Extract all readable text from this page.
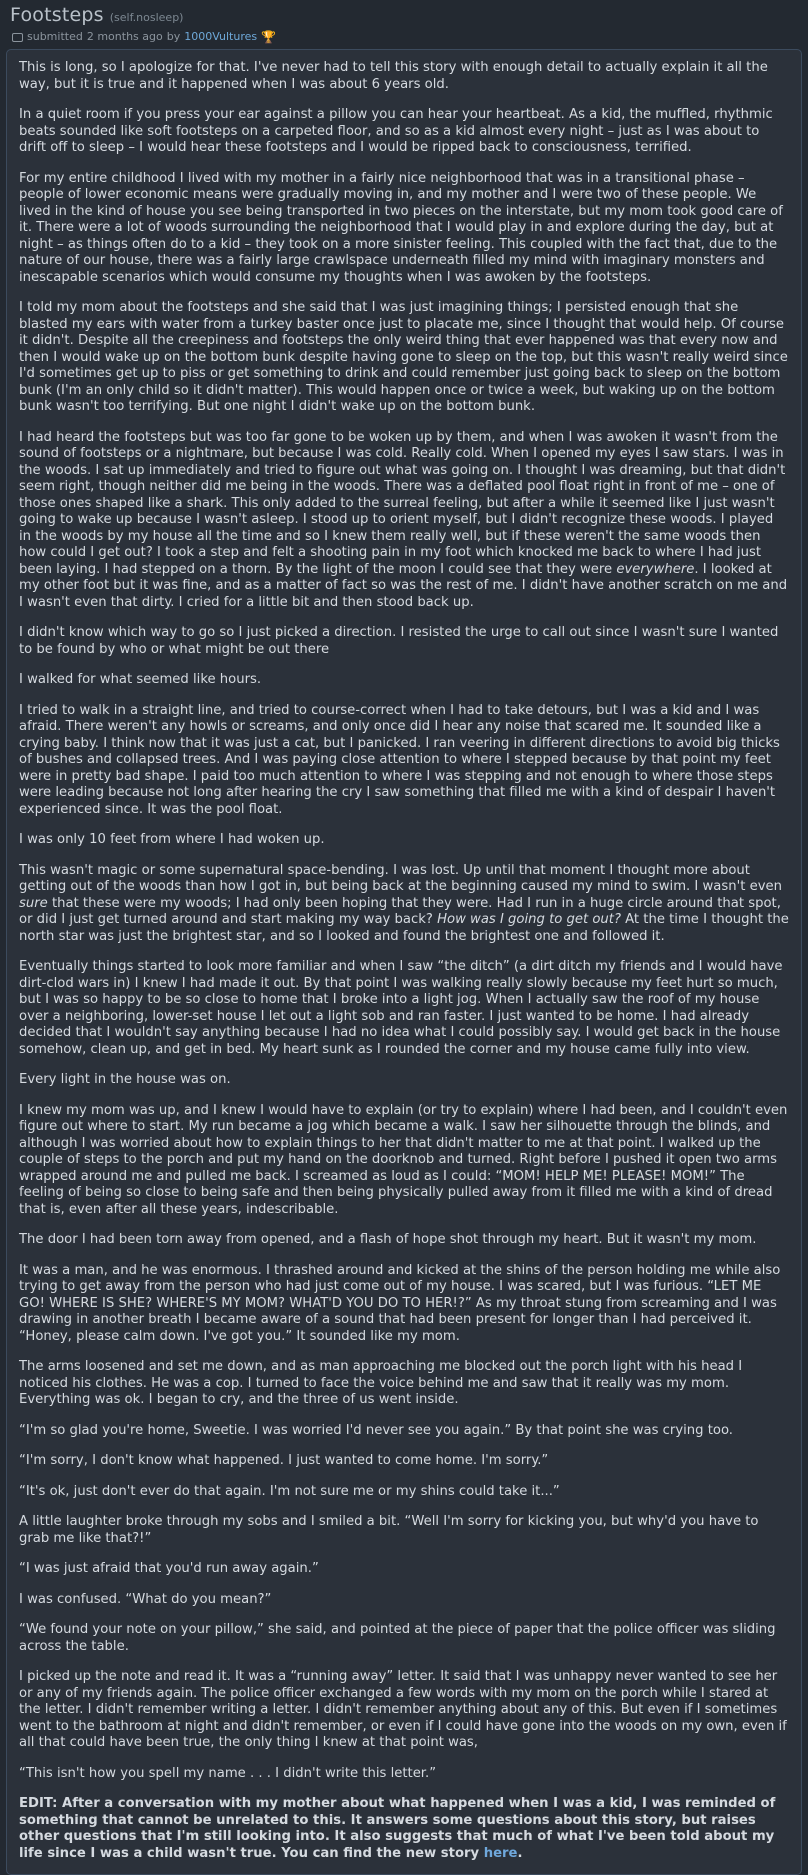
Footsteps (self.nosleep)
submitted 2 months ago by 1000Vultures 🏆

This is long, so I apologize for that. I've never had to tell this story with enough detail to actually explain it all the way, but it is true and it happened when I was about 6 years old.

In a quiet room if you press your ear against a pillow you can hear your heartbeat. As a kid, the muffled, rhythmic beats sounded like soft footsteps on a carpeted floor, and so as a kid almost every night – just as I was about to drift off to sleep – I would hear these footsteps and I would be ripped back to consciousness, terrified.

For my entire childhood I lived with my mother in a fairly nice neighborhood that was in a transitional phase – people of lower economic means were gradually moving in, and my mother and I were two of these people. We lived in the kind of house you see being transported in two pieces on the interstate, but my mom took good care of it. There were a lot of woods surrounding the neighborhood that I would play in and explore during the day, but at night – as things often do to a kid – they took on a more sinister feeling. This coupled with the fact that, due to the nature of our house, there was a fairly large crawlspace underneath filled my mind with imaginary monsters and inescapable scenarios which would consume my thoughts when I was awoken by the footsteps.

I told my mom about the footsteps and she said that I was just imagining things; I persisted enough that she blasted my ears with water from a turkey baster once just to placate me, since I thought that would help. Of course it didn't. Despite all the creepiness and footsteps the only weird thing that ever happened was that every now and then I would wake up on the bottom bunk despite having gone to sleep on the top, but this wasn't really weird since I'd sometimes get up to piss or get something to drink and could remember just going back to sleep on the bottom bunk (I'm an only child so it didn't matter). This would happen once or twice a week, but waking up on the bottom bunk wasn't too terrifying. But one night I didn't wake up on the bottom bunk.

I had heard the footsteps but was too far gone to be woken up by them, and when I was awoken it wasn't from the sound of footsteps or a nightmare, but because I was cold. Really cold. When I opened my eyes I saw stars. I was in the woods. I sat up immediately and tried to figure out what was going on. I thought I was dreaming, but that didn't seem right, though neither did me being in the woods. There was a deflated pool float right in front of me – one of those ones shaped like a shark. This only added to the surreal feeling, but after a while it seemed like I just wasn't going to wake up because I wasn't asleep. I stood up to orient myself, but I didn't recognize these woods. I played in the woods by my house all the time and so I knew them really well, but if these weren't the same woods then how could I get out? I took a step and felt a shooting pain in my foot which knocked me back to where I had just been laying. I had stepped on a thorn. By the light of the moon I could see that they were everywhere. I looked at my other foot but it was fine, and as a matter of fact so was the rest of me. I didn't have another scratch on me and I wasn't even that dirty. I cried for a little bit and then stood back up.

I didn't know which way to go so I just picked a direction. I resisted the urge to call out since I wasn't sure I wanted to be found by who or what might be out there

I walked for what seemed like hours.

I tried to walk in a straight line, and tried to course-correct when I had to take detours, but I was a kid and I was afraid. There weren't any howls or screams, and only once did I hear any noise that scared me. It sounded like a crying baby. I think now that it was just a cat, but I panicked. I ran veering in different directions to avoid big thicks of bushes and collapsed trees. And I was paying close attention to where I stepped because by that point my feet were in pretty bad shape. I paid too much attention to where I was stepping and not enough to where those steps were leading because not long after hearing the cry I saw something that filled me with a kind of despair I haven't experienced since. It was the pool float.

I was only 10 feet from where I had woken up.

This wasn't magic or some supernatural space-bending. I was lost. Up until that moment I thought more about getting out of the woods than how I got in, but being back at the beginning caused my mind to swim. I wasn't even sure that these were my woods; I had only been hoping that they were. Had I run in a huge circle around that spot, or did I just get turned around and start making my way back? How was I going to get out? At the time I thought the north star was just the brightest star, and so I looked and found the brightest one and followed it.

Eventually things started to look more familiar and when I saw “the ditch” (a dirt ditch my friends and I would have dirt-clod wars in) I knew I had made it out. By that point I was walking really slowly because my feet hurt so much, but I was so happy to be so close to home that I broke into a light jog. When I actually saw the roof of my house over a neighboring, lower-set house I let out a light sob and ran faster. I just wanted to be home. I had already decided that I wouldn't say anything because I had no idea what I could possibly say. I would get back in the house somehow, clean up, and get in bed. My heart sunk as I rounded the corner and my house came fully into view.

Every light in the house was on.

I knew my mom was up, and I knew I would have to explain (or try to explain) where I had been, and I couldn't even figure out where to start. My run became a jog which became a walk. I saw her silhouette through the blinds, and although I was worried about how to explain things to her that didn't matter to me at that point. I walked up the couple of steps to the porch and put my hand on the doorknob and turned. Right before I pushed it open two arms wrapped around me and pulled me back. I screamed as loud as I could: “MOM! HELP ME! PLEASE! MOM!” The feeling of being so close to being safe and then being physically pulled away from it filled me with a kind of dread that is, even after all these years, indescribable.

The door I had been torn away from opened, and a flash of hope shot through my heart. But it wasn't my mom.

It was a man, and he was enormous. I thrashed around and kicked at the shins of the person holding me while also trying to get away from the person who had just come out of my house. I was scared, but I was furious. “LET ME GO! WHERE IS SHE? WHERE'S MY MOM? WHAT'D YOU DO TO HER!?” As my throat stung from screaming and I was drawing in another breath I became aware of a sound that had been present for longer than I had perceived it. “Honey, please calm down. I've got you.” It sounded like my mom.

The arms loosened and set me down, and as man approaching me blocked out the porch light with his head I noticed his clothes. He was a cop. I turned to face the voice behind me and saw that it really was my mom. Everything was ok. I began to cry, and the three of us went inside.

“I'm so glad you're home, Sweetie. I was worried I'd never see you again.” By that point she was crying too.

“I'm sorry, I don't know what happened. I just wanted to come home. I'm sorry.”

“It's ok, just don't ever do that again. I'm not sure me or my shins could take it...”

A little laughter broke through my sobs and I smiled a bit. “Well I'm sorry for kicking you, but why'd you have to grab me like that?!”

“I was just afraid that you'd run away again.”

I was confused. “What do you mean?”

“We found your note on your pillow,” she said, and pointed at the piece of paper that the police officer was sliding across the table.

I picked up the note and read it. It was a “running away” letter. It said that I was unhappy never wanted to see her or any of my friends again. The police officer exchanged a few words with my mom on the porch while I stared at the letter. I didn't remember writing a letter. I didn't remember anything about any of this. But even if I sometimes went to the bathroom at night and didn't remember, or even if I could have gone into the woods on my own, even if all that could have been true, the only thing I knew at that point was,

“This isn't how you spell my name . . . I didn't write this letter.”

EDIT: After a conversation with my mother about what happened when I was a kid, I was reminded of something that cannot be unrelated to this. It answers some questions about this story, but raises other questions that I'm still looking into. It also suggests that much of what I've been told about my life since I was a child wasn't true. You can find the new story here.
